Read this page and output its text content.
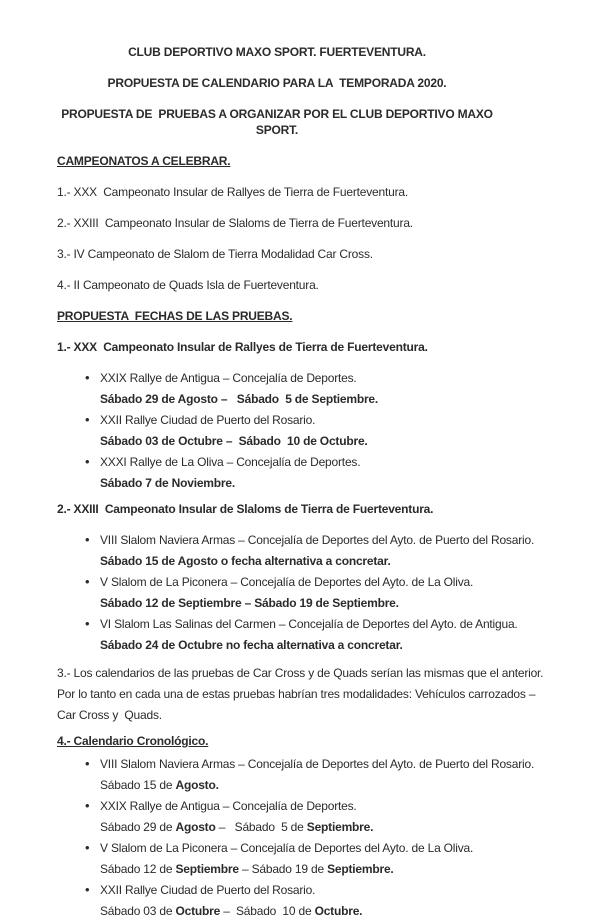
CLUB DEPORTIVO MAXO SPORT. FUERTEVENTURA.

PROPUESTA DE CALENDARIO PARA LA  TEMPORADA 2020.

PROPUESTA DE  PRUEBAS A ORGANIZAR POR EL CLUB DEPORTIVO MAXO SPORT.

CAMPEONATOS A CELEBRAR.

1.- XXX  Campeonato Insular de Rallyes de Tierra de Fuerteventura.

2.- XXIII  Campeonato Insular de Slaloms de Tierra de Fuerteventura.

3.- IV Campeonato de Slalom de Tierra Modalidad Car Cross.

4.- II Campeonato de Quads Isla de Fuerteventura.

PROPUESTA  FECHAS DE LAS PRUEBAS.

1.- XXX  Campeonato Insular de Rallyes de Tierra de Fuerteventura.

• XXIX Rallye de Antigua – Concejalía de Deportes.
Sábado 29 de Agosto –   Sábado  5 de Septiembre.
• XXII Rallye Ciudad de Puerto del Rosario.
Sábado 03 de Octubre –  Sábado  10 de Octubre.
• XXXI Rallye de La Oliva – Concejalía de Deportes.
Sábado 7 de Noviembre.

2.- XXIII  Campeonato Insular de Slaloms de Tierra de Fuerteventura.

• VIII Slalom Naviera Armas – Concejalía de Deportes del Ayto. de Puerto del Rosario.
Sábado 15 de Agosto o fecha alternativa a concretar.
• V Slalom de La Piconera – Concejalía de Deportes del Ayto. de La Oliva.
Sábado 12 de Septiembre – Sábado 19 de Septiembre.
• VI Slalom Las Salinas del Carmen – Concejalía de Deportes del Ayto. de Antigua.
Sábado 24 de Octubre no fecha alternativa a concretar.
3.- Los calendarios de las pruebas de Car Cross y de Quads serían las mismas que el anterior.
Por lo tanto en cada una de estas pruebas habrían tres modalidades: Vehículos carrozados –
Car Cross y  Quads.

4.- Calendario Cronológico.

• VIII Slalom Naviera Armas – Concejalía de Deportes del Ayto. de Puerto del Rosario.
Sábado 15 de Agosto.
• XXIX Rallye de Antigua – Concejalía de Deportes.
Sábado 29 de Agosto –   Sábado  5 de Septiembre.
• V Slalom de La Piconera – Concejalía de Deportes del Ayto. de La Oliva.
Sábado 12 de Septiembre – Sábado 19 de Septiembre.
• XXII Rallye Ciudad de Puerto del Rosario.
Sábado 03 de Octubre –  Sábado  10 de Octubre.
